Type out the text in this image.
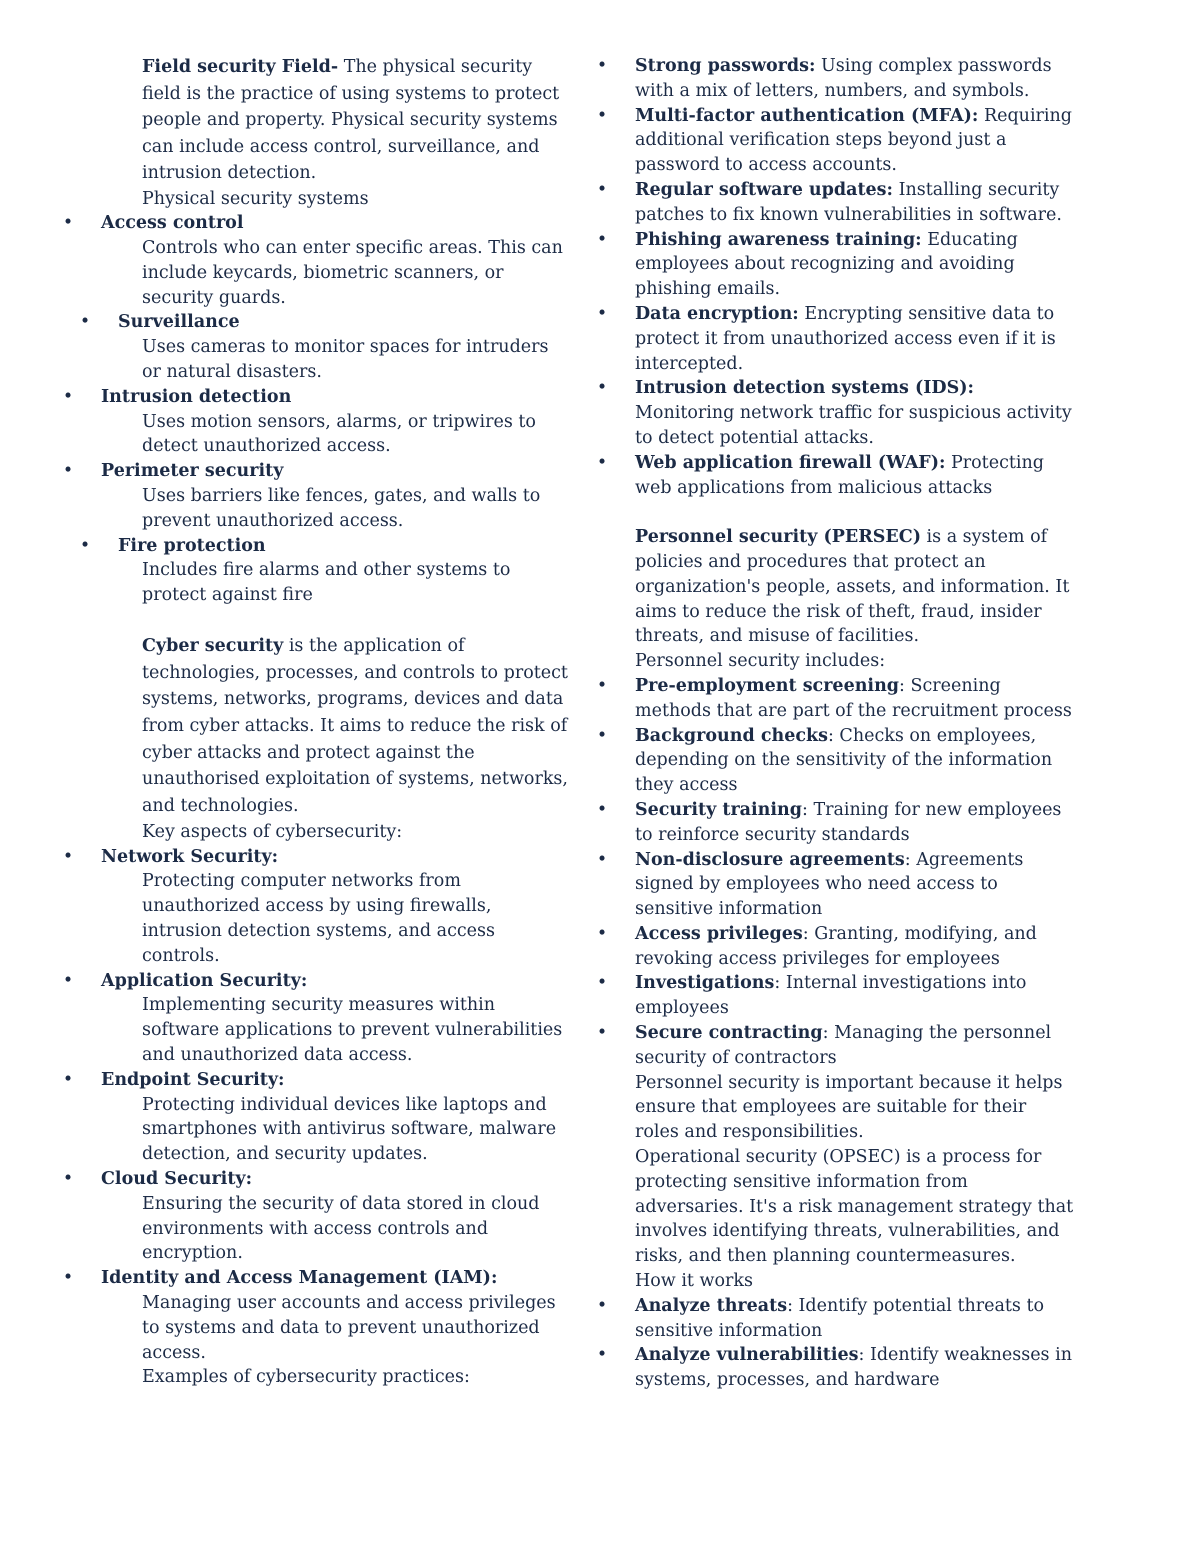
Field security Field- The physical security field is the practice of using systems to protect people and property. Physical security systems can include access control, surveillance, and intrusion detection.

Physical security systems

• Access control

Controls who can enter specific areas. This can include keycards, biometric scanners, or security guards.

• Surveillance

Uses cameras to monitor spaces for intruders or natural disasters.

• Intrusion detection

Uses motion sensors, alarms, or tripwires to detect unauthorized access.

• Perimeter security

Uses barriers like fences, gates, and walls to prevent unauthorized access.

• Fire protection

Includes fire alarms and other systems to protect against fire

Cyber security is the application of technologies, processes, and controls to protect systems, networks, programs, devices and data from cyber attacks. It aims to reduce the risk of cyber attacks and protect against the unauthorised exploitation of systems, networks, and technologies.

Key aspects of cybersecurity:

• Network Security:

Protecting computer networks from unauthorized access by using firewalls, intrusion detection systems, and access controls.

• Application Security:

Implementing security measures within software applications to prevent vulnerabilities and unauthorized data access.

• Endpoint Security:

Protecting individual devices like laptops and smartphones with antivirus software, malware detection, and security updates.

• Cloud Security:

Ensuring the security of data stored in cloud environments with access controls and encryption.

• Identity and Access Management (IAM):

Managing user accounts and access privileges to systems and data to prevent unauthorized access.

Examples of cybersecurity practices:

• Strong passwords: Using complex passwords with a mix of letters, numbers, and symbols.
• Multi-factor authentication (MFA): Requiring additional verification steps beyond just a password to access accounts.
• Regular software updates: Installing security patches to fix known vulnerabilities in software.
• Phishing awareness training: Educating employees about recognizing and avoiding phishing emails.
• Data encryption: Encrypting sensitive data to protect it from unauthorized access even if it is intercepted.
• Intrusion detection systems (IDS): Monitoring network traffic for suspicious activity to detect potential attacks.
• Web application firewall (WAF): Protecting web applications from malicious attacks

Personnel security (PERSEC) is a system of policies and procedures that protect an organization's people, assets, and information. It aims to reduce the risk of theft, fraud, insider threats, and misuse of facilities.

Personnel security includes:

• Pre-employment screening: Screening methods that are part of the recruitment process
• Background checks: Checks on employees, depending on the sensitivity of the information they access
• Security training: Training for new employees to reinforce security standards
• Non-disclosure agreements: Agreements signed by employees who need access to sensitive information
• Access privileges: Granting, modifying, and revoking access privileges for employees
• Investigations: Internal investigations into employees
• Secure contracting: Managing the personnel security of contractors

Personnel security is important because it helps ensure that employees are suitable for their roles and responsibilities.

Operational security (OPSEC) is a process for protecting sensitive information from adversaries. It's a risk management strategy that involves identifying threats, vulnerabilities, and risks, and then planning countermeasures.

How it works

• Analyze threats: Identify potential threats to sensitive information
• Analyze vulnerabilities: Identify weaknesses in systems, processes, and hardware
